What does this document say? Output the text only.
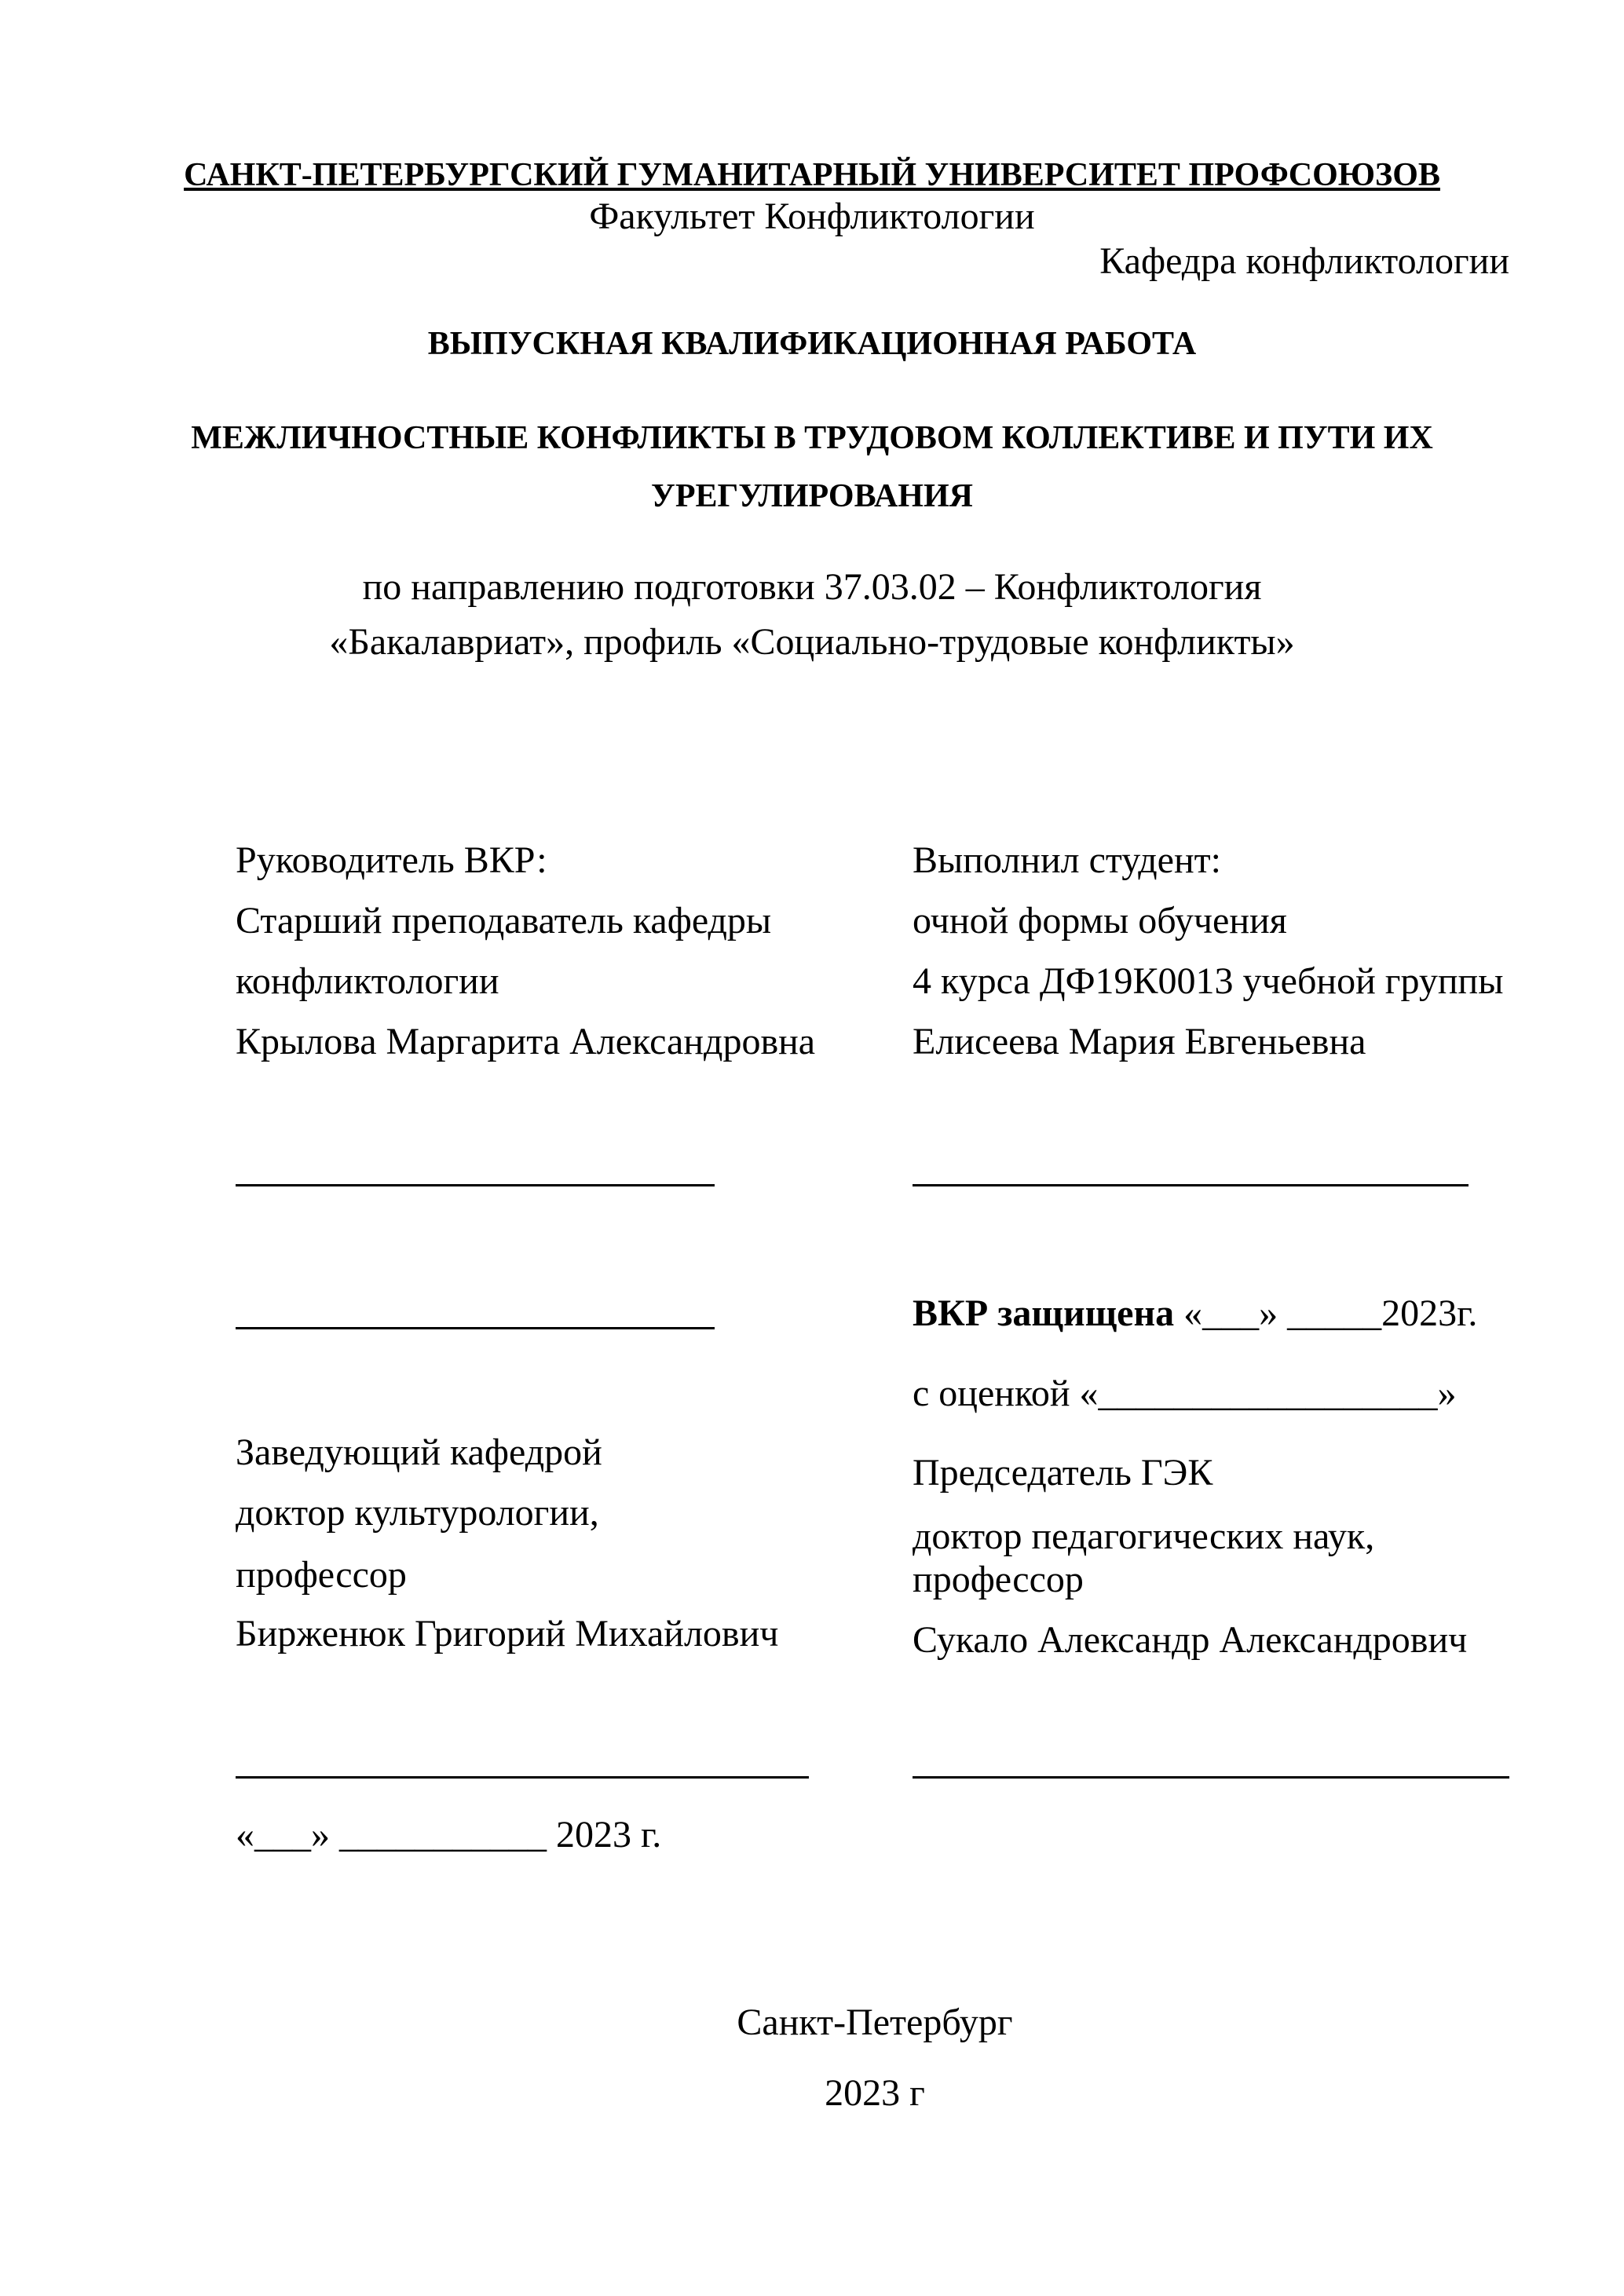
САНКТ-ПЕТЕРБУРГСКИЙ ГУМАНИТАРНЫЙ УНИВЕРСИТЕТ ПРОФСОЮЗОВ
Факультет Конфликтологии
Кафедра конфликтологии
ВЫПУСКНАЯ КВАЛИФИКАЦИОННАЯ РАБОТА
МЕЖЛИЧНОСТНЫЕ КОНФЛИКТЫ В ТРУДОВОМ КОЛЛЕКТИВЕ И ПУТИ ИХ
УРЕГУЛИРОВАНИЯ
по направлению подготовки 37.03.02 – Конфликтология
«Бакалавриат», профиль «Социально-трудовые конфликты»
Руководитель ВКР:
Старший преподаватель кафедры
конфликтологии
Крылова Маргарита Александровна
Выполнил студент:
очной формы обучения
4 курса ДФ19К0013 учебной группы
Елисеева Мария Евгеньевна
ВКР защищена «___» _____2023г.
с оценкой «__________________»
Заведующий кафедрой
доктор культурологии,
профессор
Бирженюк Григорий Михайлович
Председатель ГЭК
доктор педагогических наук,
профессор
Сукало Александр Александрович
«___» ___________ 2023 г.
Санкт-Петербург
2023 г
